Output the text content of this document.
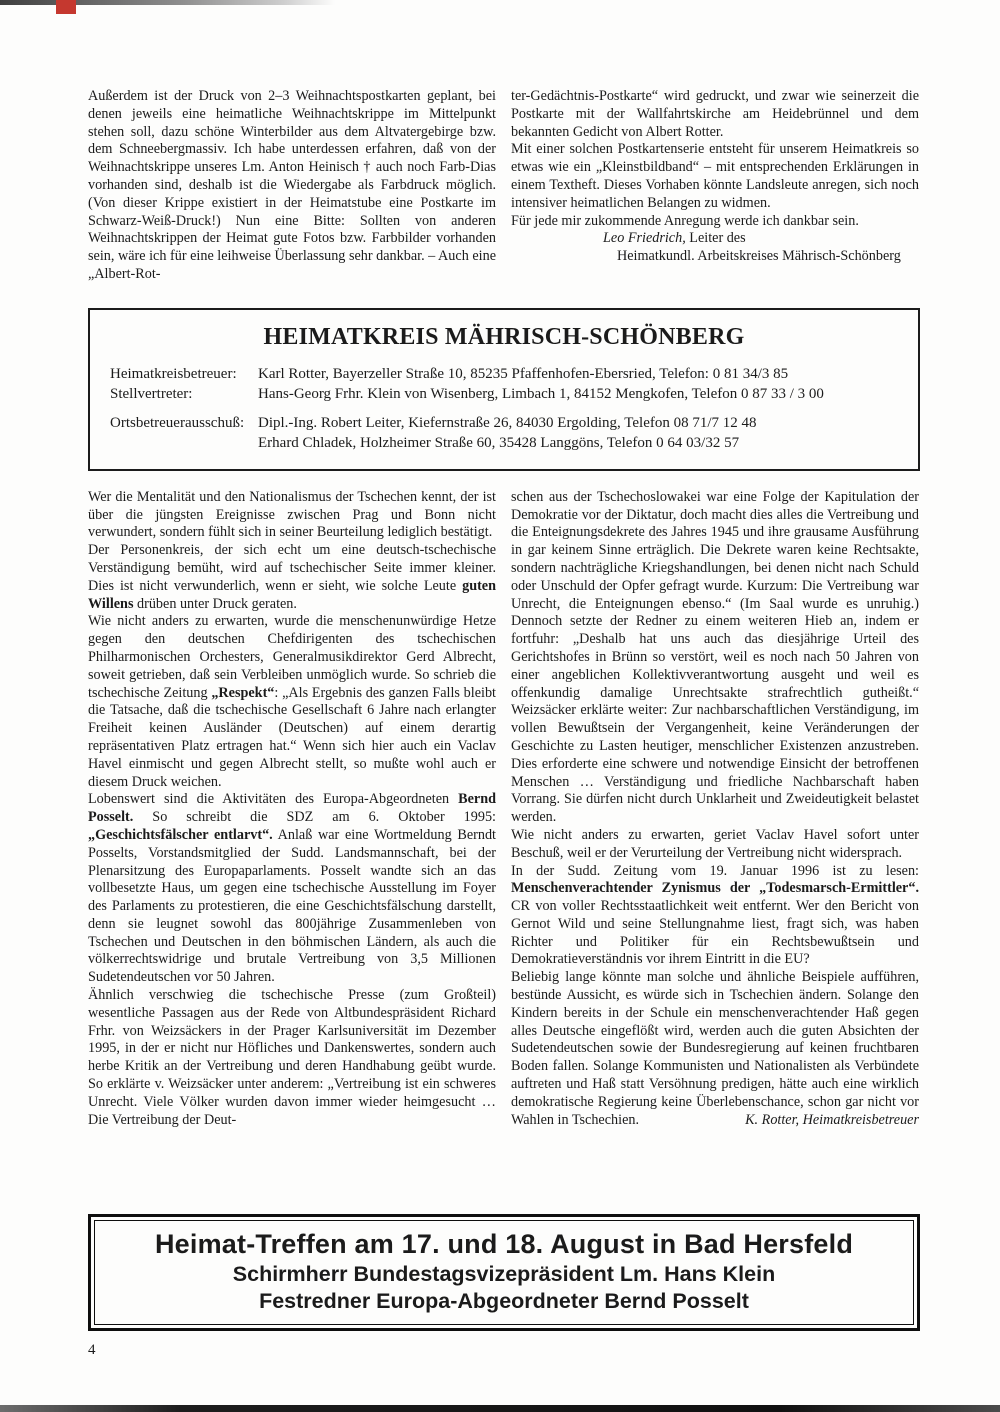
Außerdem ist der Druck von 2–3 Weihnachtspostkarten geplant, bei denen jeweils eine heimatliche Weihnachtskrippe im Mittelpunkt stehen soll, dazu schöne Winterbilder aus dem Altvatergebirge bzw. dem Schneebergmassiv. Ich habe unterdessen erfahren, daß von der Weihnachtskrippe unseres Lm. Anton Heinisch † auch noch Farb-Dias vorhanden sind, deshalb ist die Wiedergabe als Farbdruck möglich. (Von dieser Krippe existiert in der Heimatstube eine Postkarte im Schwarz-Weiß-Druck!) Nun eine Bitte: Sollten von anderen Weihnachtskrippen der Heimat gute Fotos bzw. Farbbilder vorhanden sein, wäre ich für eine leihweise Überlassung sehr dankbar. – Auch eine „Albert-Rot-

ter-Gedächtnis-Postkarte“ wird gedruckt, und zwar wie seinerzeit die Postkarte mit der Wallfahrtskirche am Heidebrünnel und dem bekannten Gedicht von Albert Rotter.

Mit einer solchen Postkartenserie entsteht für unserem Heimatkreis so etwas wie ein „Kleinstbildband“ – mit entsprechenden Erklärungen in einem Textheft. Dieses Vorhaben könnte Landsleute anregen, sich noch intensiver heimatlichen Belangen zu widmen.

Für jede mir zukommende Anregung werde ich dankbar sein.

Leo Friedrich, Leiter des

Heimatkundl. Arbeitskreises Mährisch-Schönberg

HEIMATKREIS MÄHRISCH-SCHÖNBERG
Heimatkreisbetreuer:	Karl Rotter, Bayerzeller Straße 10, 85235 Pfaffenhofen-Ebersried, Telefon: 0 81 34/3 85
Stellvertreter:	Hans-Georg Frhr. Klein von Wisenberg, Limbach 1, 84152 Mengkofen, Telefon 0 87 33 / 3 00
Ortsbetreuerausschuß: Dipl.-Ing. Robert Leiter, Kiefernstraße 26, 84030 Ergolding, Telefon 08 71/7 12 48
Erhard Chladek, Holzheimer Straße 60, 35428 Langgöns, Telefon 0 64 03/32 57

Wer die Mentalität und den Nationalismus der Tschechen kennt, der ist über die jüngsten Ereignisse zwischen Prag und Bonn nicht verwundert, sondern fühlt sich in seiner Beurteilung lediglich bestätigt.

Der Personenkreis, der sich echt um eine deutsch-tschechische Verständigung bemüht, wird auf tschechischer Seite immer kleiner. Dies ist nicht verwunderlich, wenn er sieht, wie solche Leute guten Willens drüben unter Druck geraten.

Wie nicht anders zu erwarten, wurde die menschenunwürdige Hetze gegen den deutschen Chefdirigenten des tschechischen Philharmonischen Orchesters, Generalmusikdirektor Gerd Albrecht, soweit getrieben, daß sein Verbleiben unmöglich wurde. So schrieb die tschechische Zeitung „Respekt“: „Als Ergebnis des ganzen Falls bleibt die Tatsache, daß die tschechische Gesellschaft 6 Jahre nach erlangter Freiheit keinen Ausländer (Deutschen) auf einem derartig repräsentativen Platz ertragen hat.“ Wenn sich hier auch ein Vaclav Havel einmischt und gegen Albrecht stellt, so mußte wohl auch er diesem Druck weichen.

Lobenswert sind die Aktivitäten des Europa-Abgeordneten Bernd Posselt. So schreibt die SDZ am 6. Oktober 1995: „Geschichtsfälscher entlarvt“. Anlaß war eine Wortmeldung Berndt Posselts, Vorstandsmitglied der Sudd. Landsmannschaft, bei der Plenarsitzung des Europaparlaments. Posselt wandte sich an das vollbesetzte Haus, um gegen eine tschechische Ausstellung im Foyer des Parlaments zu protestieren, die eine Geschichtsfälschung darstellt, denn sie leugnet sowohl das 800jährige Zusammenleben von Tschechen und Deutschen in den böhmischen Ländern, als auch die völkerrechtswidrige und brutale Vertreibung von 3,5 Millionen Sudetendeutschen vor 50 Jahren.

Ähnlich verschwieg die tschechische Presse (zum Großteil) wesentliche Passagen aus der Rede von Altbundespräsident Richard Frhr. von Weizsäckers in der Prager Karlsuniversität im Dezember 1995, in der er nicht nur Höfliches und Dankenswertes, sondern auch herbe Kritik an der Vertreibung und deren Handhabung geübt wurde. So erklärte v. Weizsäcker unter anderem: „Vertreibung ist ein schweres Unrecht. Viele Völker wurden davon immer wieder heimgesucht … Die Vertreibung der Deut-

schen aus der Tschechoslowakei war eine Folge der Kapitulation der Demokratie vor der Diktatur, doch macht dies alles die Vertreibung und die Enteignungsdekrete des Jahres 1945 und ihre grausame Ausführung in gar keinem Sinne erträglich. Die Dekrete waren keine Rechtsakte, sondern nachträgliche Kriegshandlungen, bei denen nicht nach Schuld oder Unschuld der Opfer gefragt wurde. Kurzum: Die Vertreibung war Unrecht, die Enteignungen ebenso.“ (Im Saal wurde es unruhig.) Dennoch setzte der Redner zu einem weiteren Hieb an, indem er fortfuhr: „Deshalb hat uns auch das diesjährige Urteil des Gerichtshofes in Brünn so verstört, weil es noch nach 50 Jahren von einer angeblichen Kollektivverantwortung ausgeht und weil es offenkundig damalige Unrechtsakte strafrechtlich gutheißt.“ Weizsäcker erklärte weiter: Zur nachbarschaftlichen Verständigung, im vollen Bewußtsein der Vergangenheit, keine Veränderungen der Geschichte zu Lasten heutiger, menschlicher Existenzen anzustreben. Dies erforderte eine schwere und notwendige Einsicht der betroffenen Menschen … Verständigung und friedliche Nachbarschaft haben Vorrang. Sie dürfen nicht durch Unklarheit und Zweideutigkeit belastet werden.

Wie nicht anders zu erwarten, geriet Vaclav Havel sofort unter Beschuß, weil er der Verurteilung der Vertreibung nicht widersprach.

In der Sudd. Zeitung vom 19. Januar 1996 ist zu lesen: Menschenverachtender Zynismus der „Todesmarsch-Ermittler“. CR von voller Rechtsstaatlichkeit weit entfernt. Wer den Bericht von Gernot Wild und seine Stellungnahme liest, fragt sich, was haben Richter und Politiker für ein Rechtsbewußtsein und Demokratieverständnis vor ihrem Eintritt in die EU?

Beliebig lange könnte man solche und ähnliche Beispiele aufführen, bestünde Aussicht, es würde sich in Tschechien ändern. Solange den Kindern bereits in der Schule ein menschenverachtender Haß gegen alles Deutsche eingeflößt wird, werden auch die guten Absichten der Sudetendeutschen sowie der Bundesregierung auf keinen fruchtbaren Boden fallen. Solange Kommunisten und Nationalisten als Verbündete auftreten und Haß statt Versöhnung predigen, hätte auch eine wirklich demokratische Regierung keine Überlebenschance, schon gar nicht vor Wahlen in Tschechien.	K. Rotter, Heimatkreisbetreuer

Heimat-Treffen am 17. und 18. August in Bad Hersfeld
Schirmherr Bundestagsvizepräsident Lm. Hans Klein
Festredner Europa-Abgeordneter Bernd Posselt
4
